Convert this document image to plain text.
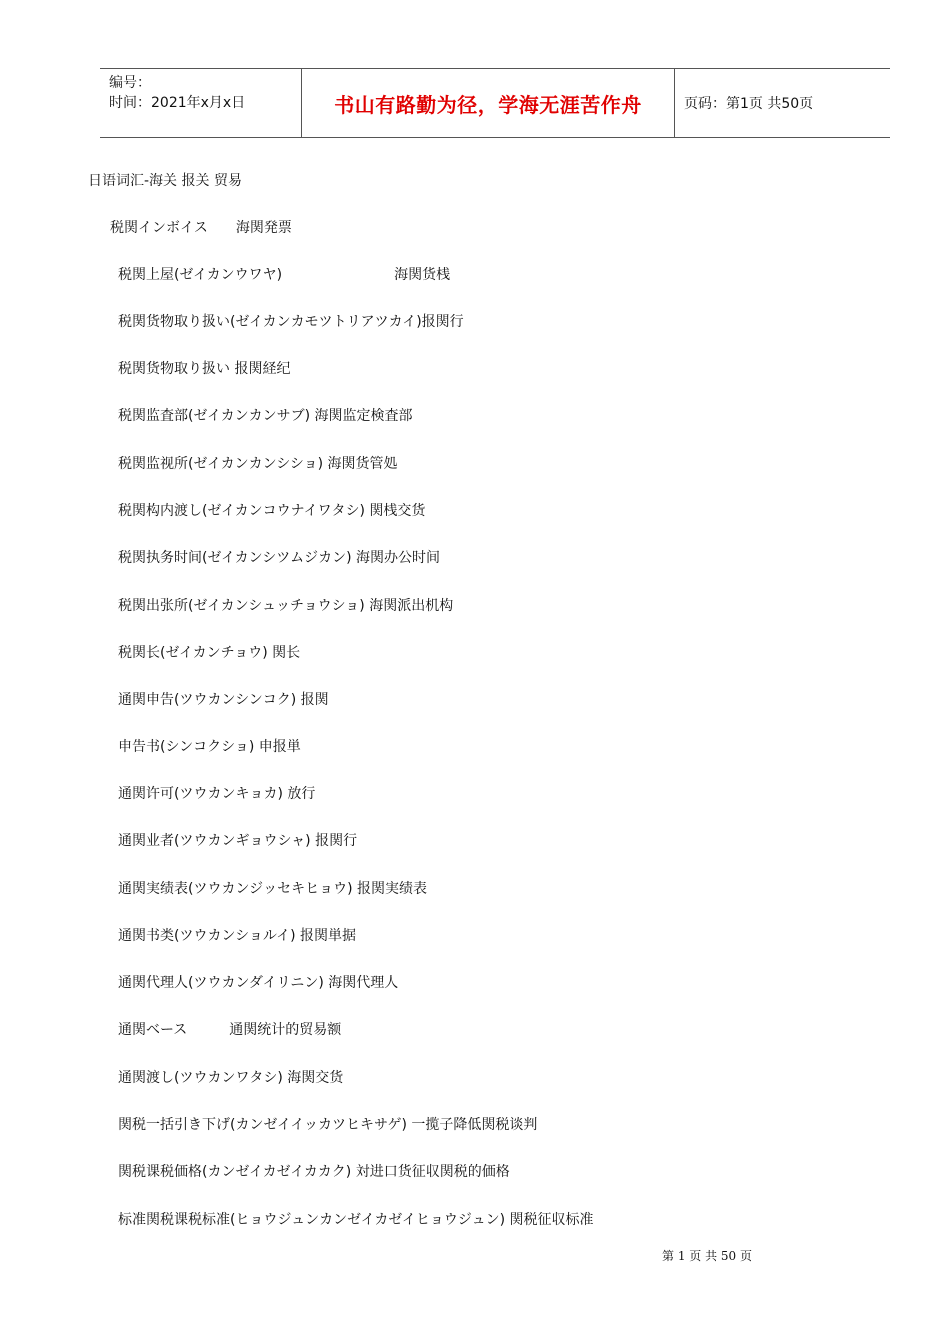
编号：
时间：2021年x月x日	书山有路勤为径，学海无涯苦作舟	页码：第1页 共50页
日语词汇-海关 报关 贸易
税関インボイス　　海関発票
税関上屋(ゼイカンウワヤ)　　　　　　　　海関货桟
税関货物取り扱い(ゼイカンカモツトリアツカイ)报関行
税関货物取り扱い 报関経纪
税関监査部(ゼイカンカンサブ) 海関监定検査部
税関监视所(ゼイカンカンシショ) 海関货管処
税関构内渡し(ゼイカンコウナイワタシ) 関桟交货
税関执务时间(ゼイカンシツムジカン) 海関办公时间
税関出张所(ゼイカンシュッチョウショ) 海関派出机构
税関长(ゼイカンチョウ) 関长
通関申告(ツウカンシンコク) 报関
申告书(シンコクショ) 申报単
通関许可(ツウカンキョカ) 放行
通関业者(ツウカンギョウシャ) 报関行
通関実绩表(ツウカンジッセキヒョウ) 报関実绩表
通関书类(ツウカンショルイ) 报関単据
通関代理人(ツウカンダイリニン) 海関代理人
通関ベース　　　通関统计的贸易额
通関渡し(ツウカンワタシ) 海関交货
関税一括引き下げ(カンゼイイッカツヒキサゲ) 一揽子降低関税谈判
関税课税価格(カンゼイカゼイカカク) 対进口货征収関税的価格
标准関税课税标准(ヒョウジュンカンゼイカゼイヒョウジュン) 関税征収标准
第 1 页 共 50 页
